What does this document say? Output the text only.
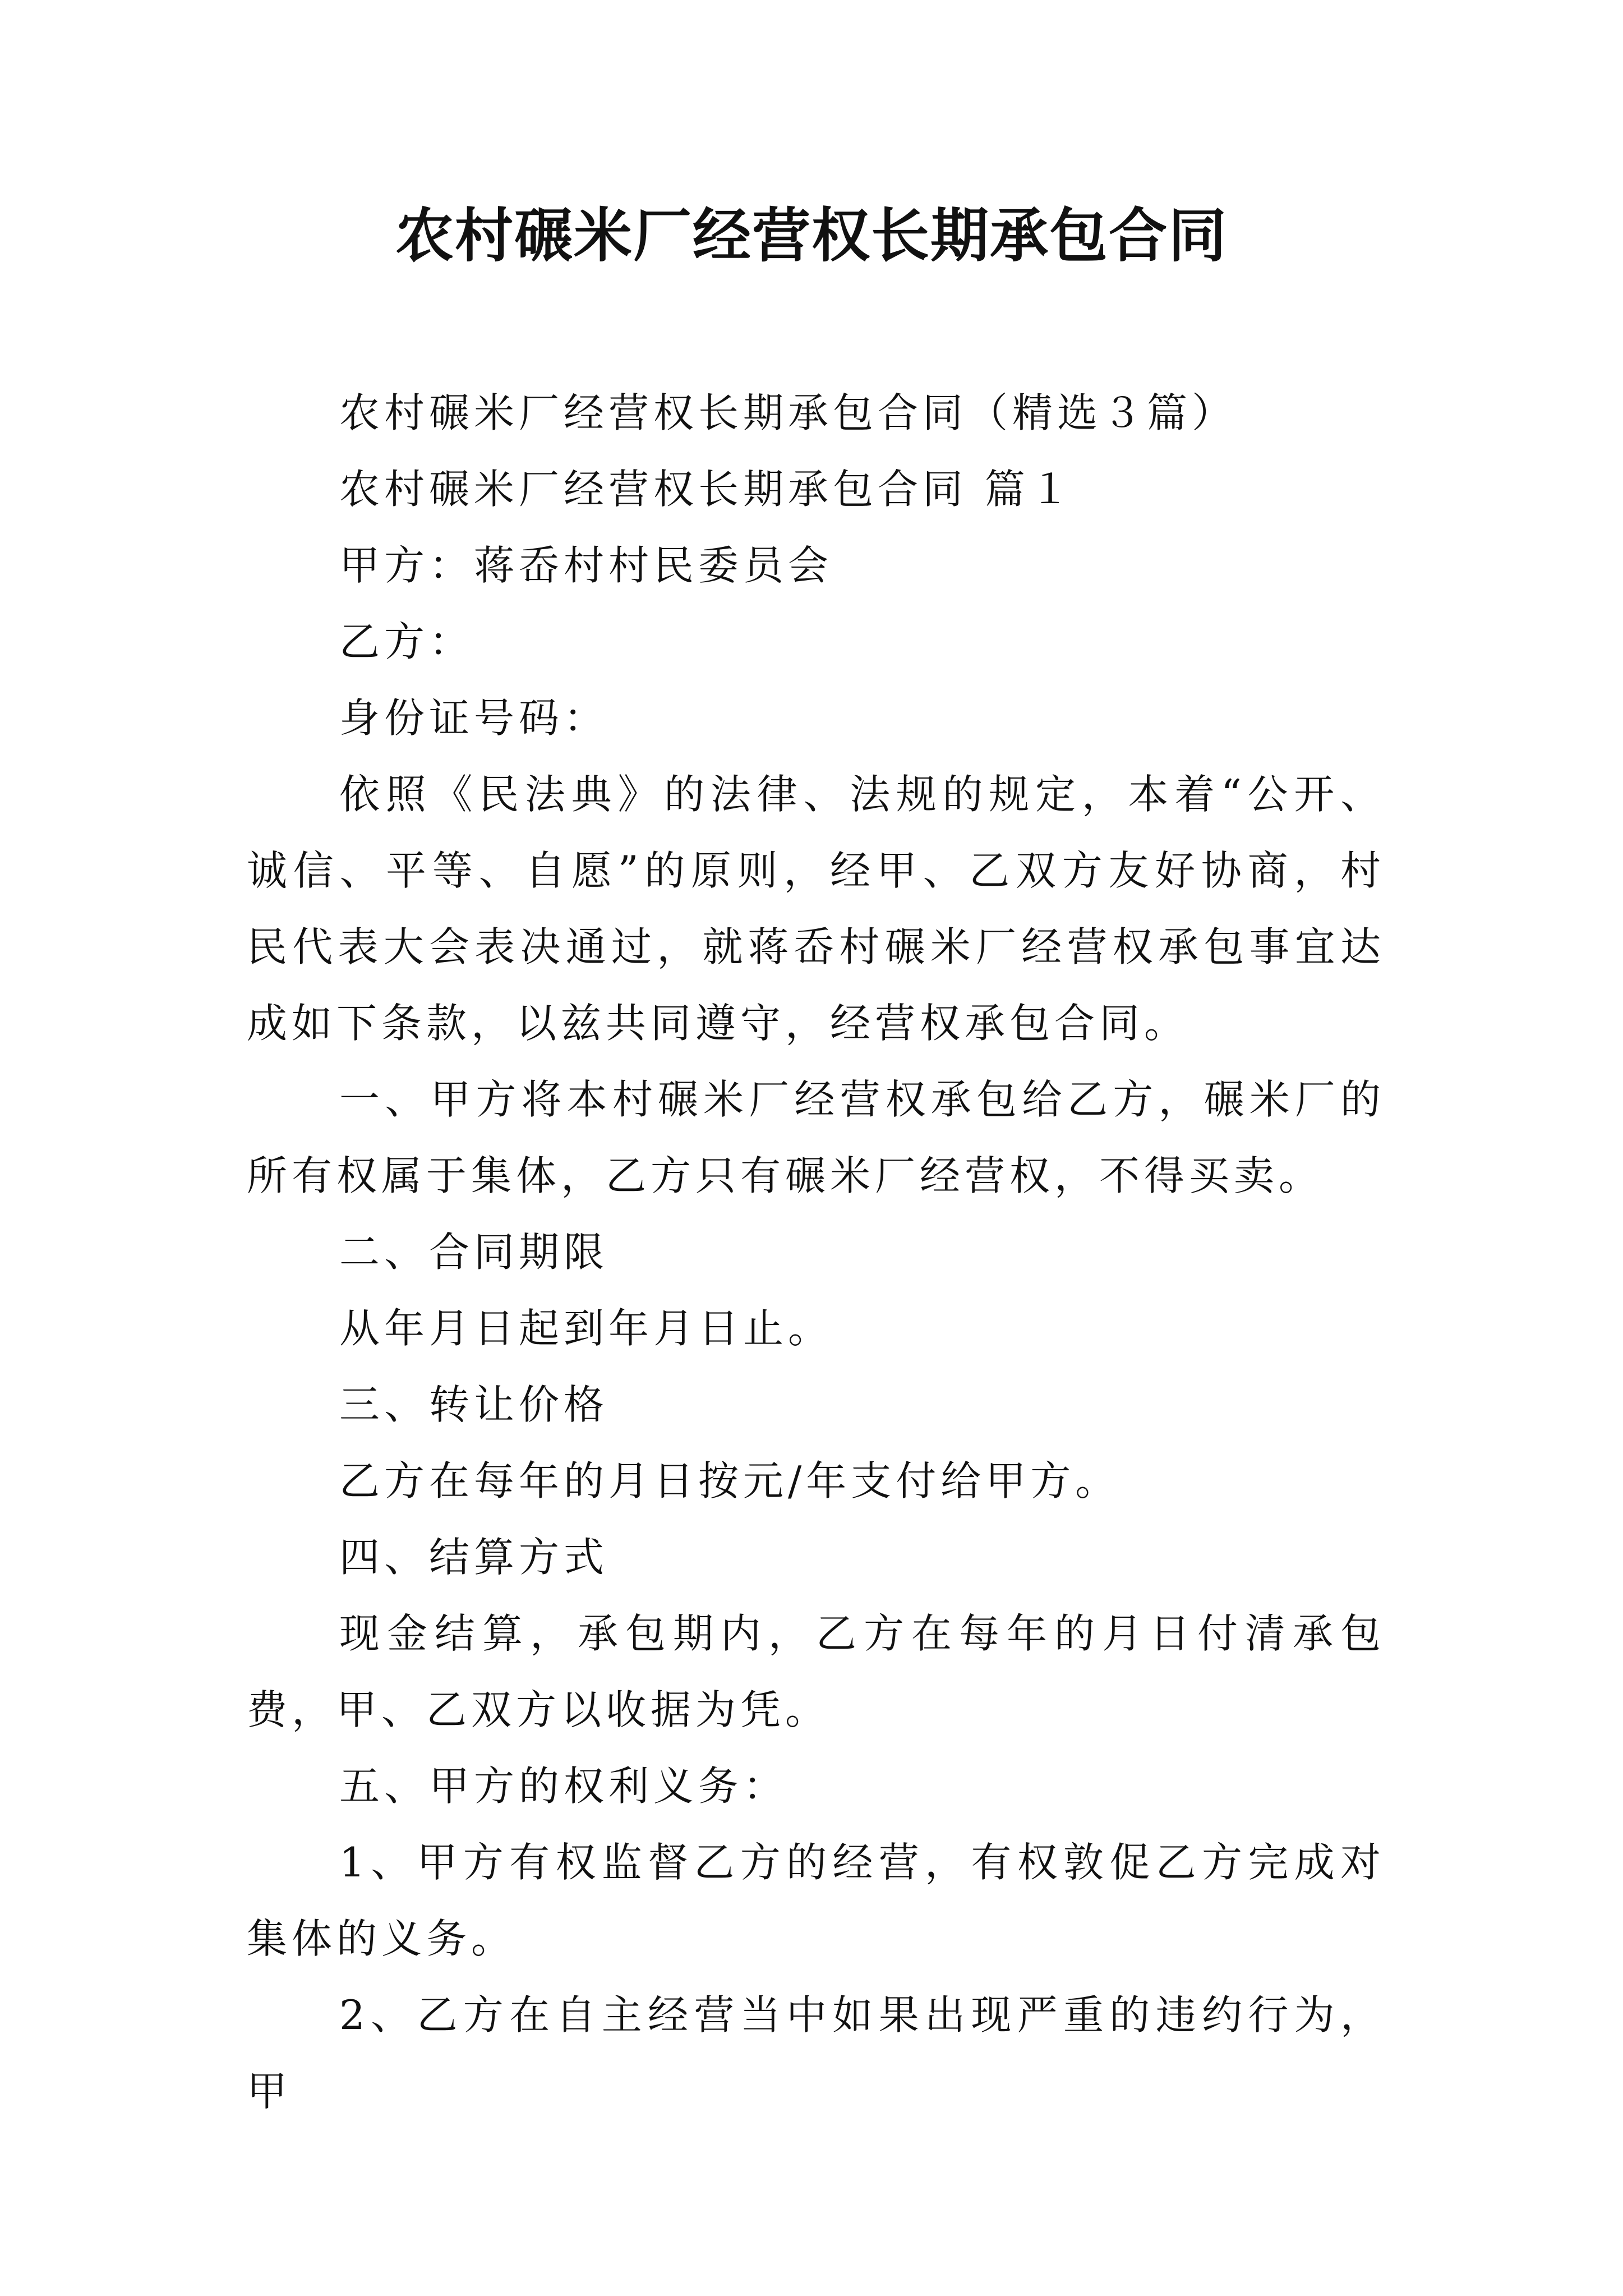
农村碾米厂经营权长期承包合同

农村碾米厂经营权长期承包合同（精选３篇）

农村碾米厂经营权长期承包合同 篇１

甲方：蒋岙村村民委员会

乙方：

身份证号码：

依照《民法典》的法律、法规的规定，本着“公开、诚信、平等、自愿”的原则，经甲、乙双方友好协商，村民代表大会表决通过，就蒋岙村碾米厂经营权承包事宜达成如下条款，以兹共同遵守，经营权承包合同。

一、甲方将本村碾米厂经营权承包给乙方，碾米厂的所有权属于集体，乙方只有碾米厂经营权，不得买卖。

二、合同期限

从年月日起到年月日止。

三、转让价格

乙方在每年的月日按元/年支付给甲方。

四、结算方式

现金结算，承包期内，乙方在每年的月日付清承包费，甲、乙双方以收据为凭。

五、甲方的权利义务：

1、甲方有权监督乙方的经营，有权敦促乙方完成对集体的义务。

2、乙方在自主经营当中如果出现严重的违约行为，甲
